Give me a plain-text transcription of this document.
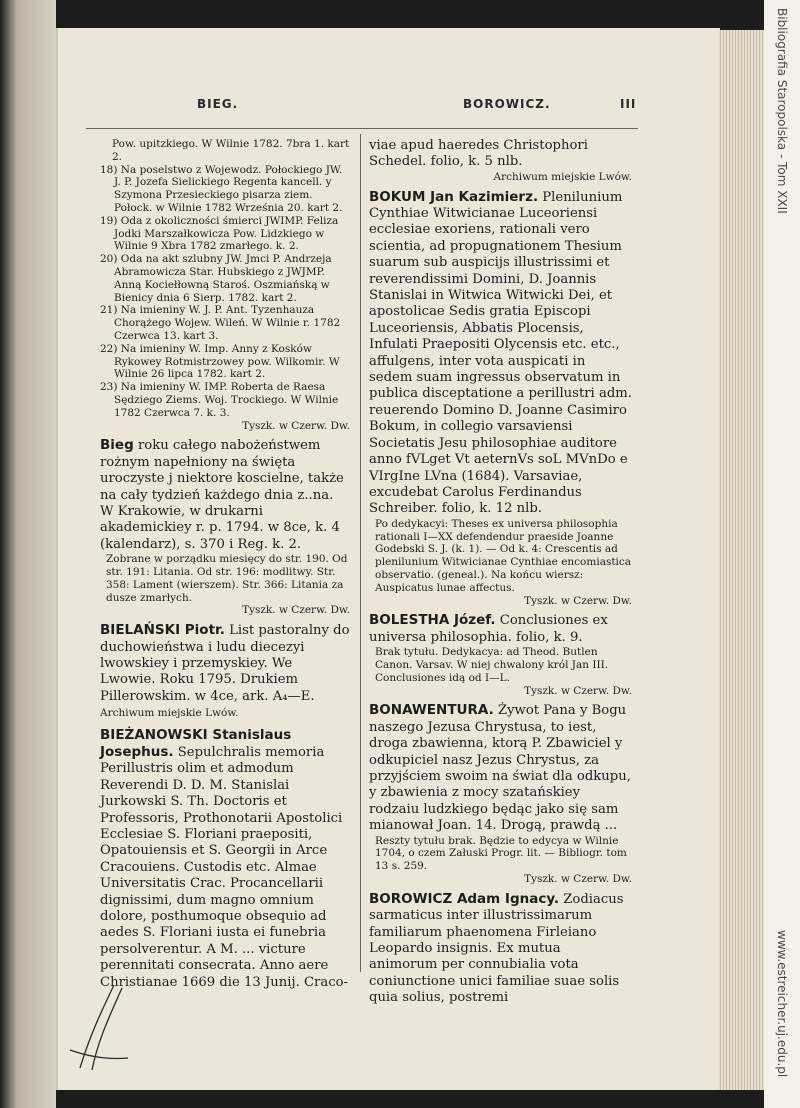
Bibliografia Staropolska - Tom XXII
www.estreicher.uj.edu.pl
BIEG.	BOROWICZ.	III

Pow. upitzkiego. W Wilnie 1782. 7bra 1. kart 2.

18) Na poselstwo z Wojewodz. Połockiego JW. J. P. Jozefa Sielickiego Regenta kancell. y Szymona Przesieckiego pisarza ziem. Połock. w Wilnie 1782 Września 20. kart 2.

19) Oda z okoliczności śmierci JWIMP. Feliza Jodki Marszałkowicza Pow. Lidzkiego w Wilnie 9 Xbra 1782 zmarłego. k. 2.

20) Oda na akt szlubny JW. Jmci P. Andrzeja Abramowicza Star. Hubskiego z JWJMP. Anną Kociełłowną Staroś. Oszmiańską w Bienicy dnia 6 Sierp. 1782. kart 2.

21) Na imieniny W. J. P. Ant. Tyzenhauza Chorążego Wojew. Wileń. W Wilnie r. 1782 Czerwca 13. kart 3.

22) Na imieniny W. Imp. Anny z Kosków Rykowey Rotmistrzowey pow. Wilkomir. W Wilnie 26 lipca 1782. kart 2.

23) Na imieniny W. IMP. Roberta de Raesa Sędziego Ziems. Woj. Trockiego. W Wilnie 1782 Czerwca 7. k. 3.

Tyszk. w Czerw. Dw.

Bieg roku całego nabożeństwem rożnym napełniony na święta uroczyste j niektore koscielne, także na cały tydzień każdego dnia z..na. W Krakowie, w drukarni akademickiey r. p. 1794. w 8ce, k. 4 (kalendarz), s. 370 i Reg. k. 2.

Zobrane w porządku miesięcy do str. 190. Od str. 191: Litania. Od str. 196: modlitwy. Str. 358: Lament (wierszem). Str. 366: Litania za dusze zmarłych.

Tyszk. w Czerw. Dw.

BIELAŃSKI Piotr. List pastoralny do duchowieństwa i ludu diecezyi lwowskiey i przemyskiey. We Lwowie. Roku 1795. Drukiem Pillerowskim. w 4ce, ark. A₄—E. Archiwum miejskie Lwów.

BIEŻANOWSKI Stanislaus Josephus. Sepulchralis memoria Perillustris olim et admodum Reverendi D. D. M. Stanislai Jurkowski S. Th. Doctoris et Professoris, Prothonotarii Apostolici Ecclesiae S. Floriani praepositi, Opatouiensis et S. Georgii in Arce Cracouiens. Custodis etc. Almae Universitatis Crac. Procancellarii dignissimi, dum magno omnium dolore, posthumoque obsequio ad aedes S. Floriani iusta ei funebria persolverentur. A M. ... victure perennitati consecrata. Anno aere Christianae 1669 die 13 Junij. Craco-

viae apud haeredes Christophori Schedel. folio, k. 5 nlb.

Archiwum miejskie Lwów.

BOKUM Jan Kazimierz. Plenilunium Cynthiae Witwicianae Luceoriensi ecclesiae exoriens, rationali vero scientia, ad propugnationem Thesium suarum sub auspicijs illustrissimi et reverendissimi Domini, D. Joannis Stanislai in Witwica Witwicki Dei, et apostolicae Sedis gratia Episcopi Luceoriensis, Abbatis Plocensis, Infulati Praepositi Olycensis etc. etc., affulgens, inter vota auspicati in sedem suam ingressus observatum in publica disceptatione a perillustri adm. reuerendo Domino D. Joanne Casimiro Bokum, in collegio varsaviensi Societatis Jesu philosophiae auditore anno fVLget Vt aeternVs soL MVnDo e VIrgIne LVna (1684). Varsaviae, excudebat Carolus Ferdinandus Schreiber. folio, k. 12 nlb.

Po dedykacyi: Theses ex universa philosophia rationali I—XX defendendur praeside Joanne Godebski S. J. (k. 1). — Od k. 4: Crescentis ad plenilunium Witwicianae Cynthiae encomiastica observatio. (geneal.). Na końcu wiersz: Auspicatus lunae affectus.

Tyszk. w Czerw. Dw.

BOLESTHA Józef. Conclusiones ex universa philosophia. folio, k. 9.

Brak tytułu. Dedykacya: ad Theod. Butlen Canon. Varsav. W niej chwalony król Jan III. Conclusiones idą od I—L.

Tyszk. w Czerw. Dw.

BONAWENTURA. Żywot Pana y Bogu naszego Jezusa Chrystusa, to iest, droga zbawienna, ktorą P. Zbawiciel y odkupiciel nasz Jezus Chrystus, za przyjściem swoim na świat dla odkupu, y zbawienia z mocy szatańskiey rodzaiu ludzkiego będąc jako się sam mianował Joan. 14. Drogą, prawdą ...

Reszty tytułu brak. Będzie to edycya w Wilnie 1704, o czem Załuski Progr. lit. — Bibliogr. tom 13 s. 259.

Tyszk. w Czerw. Dw.

BOROWICZ Adam Ignacy. Zodiacus sarmaticus inter illustrissimarum familiarum phaenomena Firleiano Leopardo insignis. Ex mutua animorum per connubialia vota coniunctione unici familiae suae solis quia solius, postremi
